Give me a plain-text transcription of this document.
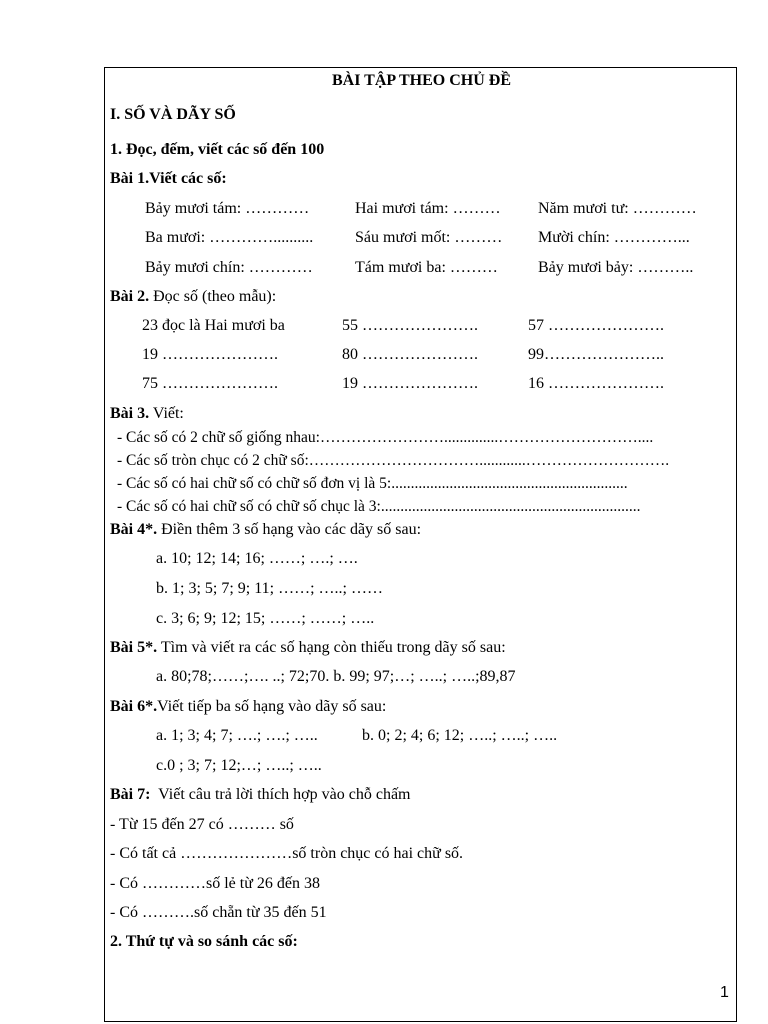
BÀI TẬP THEO CHỦ ĐỀ
I. SỐ VÀ DÃY SỐ
1. Đọc, đếm, viết các số đến 100
Bài 1.Viết các số:
Bảy mươi tám: …………	Hai mươi tám: ……… Năm mươi tư: …………
Ba mươi: …………..........	Sáu mươi mốt: ……… Mười chín: …………...
Bảy mươi chín: …………	Tám mươi ba: ………	Bảy mươi bảy: ………..
Bài 2. Đọc số (theo mẫu):
23 đọc là Hai mươi ba	55 ………………….	57 ………………….
19 ………………….	80 ………………….	99…………………..
75 ………………….	19 ………………….	16 ………………….
Bài 3. Viết:
- Các số có 2 chữ số giống nhau:……………………..............………………………....
- Các số tròn chục có 2 chữ số:……………………………............……………………….
- Các số có hai chữ số có chữ số đơn vị là 5:.............................................................
- Các số có hai chữ số có chữ số chục là 3:...................................................................
Bài 4*. Điền thêm 3 số hạng vào các dãy số sau:
a. 10; 12; 14; 16; ……; ….; ….
b. 1; 3; 5; 7; 9; 11; ……; …..; ……
c. 3; 6; 9; 12; 15; ……; ……; …..
Bài 5*. Tìm và viết ra các số hạng còn thiếu trong dãy số sau:
a. 80;78;……;…. ..; 72;70. b. 99; 97;…; …..; …..;89,87
Bài 6*.Viết tiếp ba số hạng vào dãy số sau:
a. 1; 3; 4; 7; ….; ….; …..	b. 0; 2; 4; 6; 12; …..; …..; …..
c.0 ; 3; 7; 12;…; …..; …..
Bài 7: Viết câu trả lời thích hợp vào chỗ chấm
- Từ 15 đến 27 có ……… số
- Có tất cả …………………số tròn chục có hai chữ số.
- Có …………số lẻ từ 26 đến 38
- Có ……….số chẵn từ 35 đến 51
2. Thứ tự và so sánh các số:
1
